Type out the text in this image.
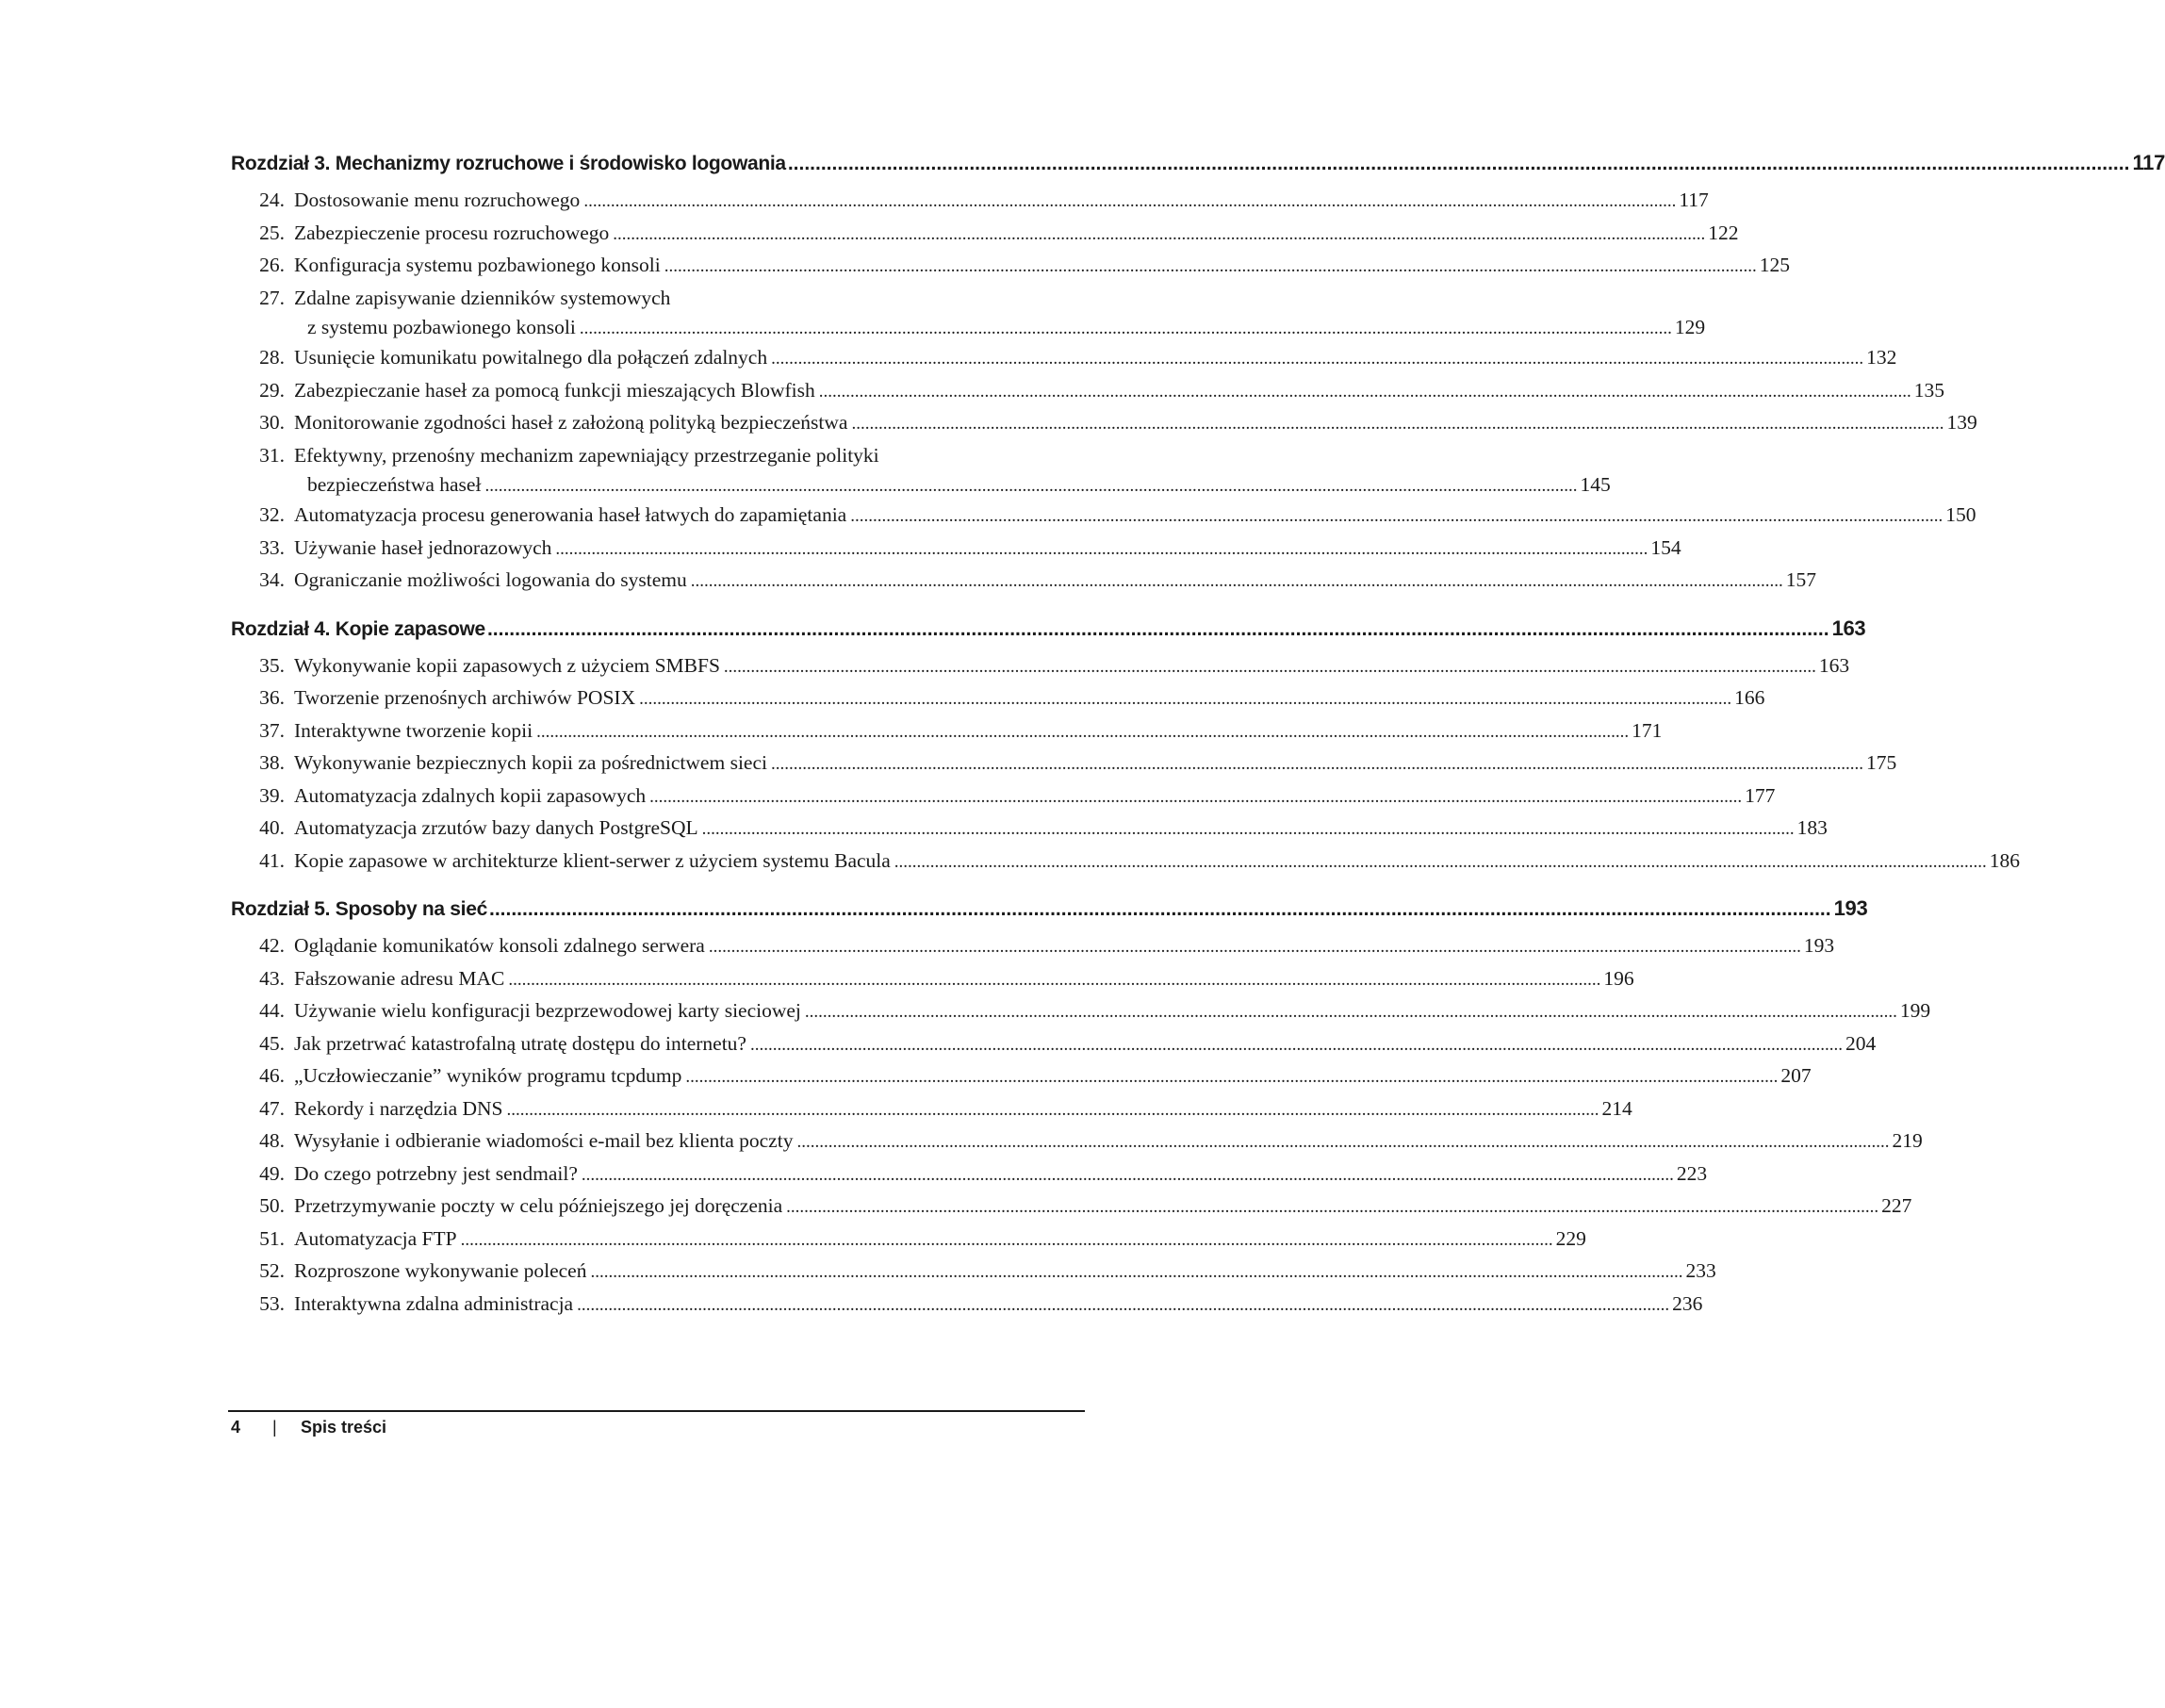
Rozdział 3. Mechanizmy rozruchowe i środowisko logowania .....	117
24. Dostosowanie menu rozruchowego .....	117
25. Zabezpieczenie procesu rozruchowego .....	122
26. Konfiguracja systemu pozbawionego konsoli .....	125
27. Zdalne zapisywanie dzienników systemowych
z systemu pozbawionego konsoli .....	129
28. Usunięcie komunikatu powitalnego dla połączeń zdalnych .....	132
29. Zabezpieczanie haseł za pomocą funkcji mieszających Blowfish .....	135
30. Monitorowanie zgodności haseł z założoną polityką bezpieczeństwa .....	139
31. Efektywny, przenośny mechanizm zapewniający przestrzeganie polityki
bezpieczeństwa haseł .....	145
32. Automatyzacja procesu generowania haseł łatwych do zapamiętania .....	150
33. Używanie haseł jednorazowych .....	154
34. Ograniczanie możliwości logowania do systemu .....	157
Rozdział 4. Kopie zapasowe .....	163
35. Wykonywanie kopii zapasowych z użyciem SMBFS .....	163
36. Tworzenie przenośnych archiwów POSIX .....	166
37. Interaktywne tworzenie kopii .....	171
38. Wykonywanie bezpiecznych kopii za pośrednictwem sieci .....	175
39. Automatyzacja zdalnych kopii zapasowych .....	177
40. Automatyzacja zrzutów bazy danych PostgreSQL .....	183
41. Kopie zapasowe w architekturze klient-serwer z użyciem systemu Bacula .....	186
Rozdział 5. Sposoby na sieć .....	193
42. Oglądanie komunikatów konsoli zdalnego serwera .....	193
43. Fałszowanie adresu MAC .....	196
44. Używanie wielu konfiguracji bezprzewodowej karty sieciowej .....	199
45. Jak przetrwać katastrofalną utratę dostępu do internetu? .....	204
46. „Uczłowieczanie” wyników programu tcpdump .....	207
47. Rekordy i narzędzia DNS .....	214
48. Wysyłanie i odbieranie wiadomości e-mail bez klienta poczty .....	219
49. Do czego potrzebny jest sendmail? .....	223
50. Przetrzymywanie poczty w celu późniejszego jej doręczenia .....	227
51. Automatyzacja FTP .....	229
52. Rozproszone wykonywanie poleceń .....	233
53. Interaktywna zdalna administracja .....	236
4	|	Spis treści
